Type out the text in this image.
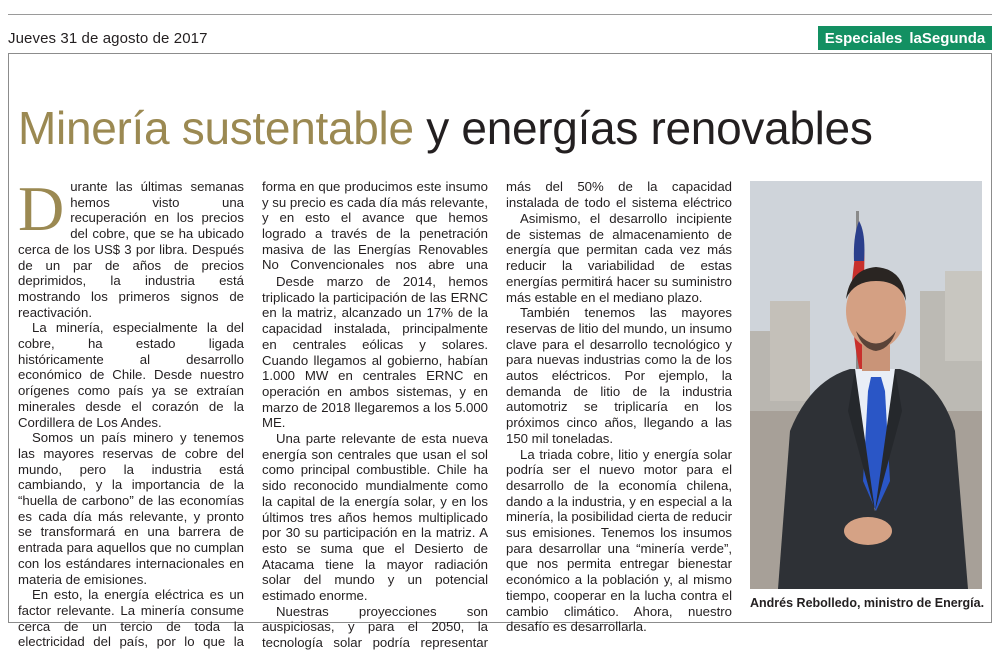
Jueves 31 de agosto de 2017	Especiales laSegunda
Minería sustentable y energías renovables

Durante las últimas semanas hemos visto una recuperación en los precios del cobre, que se ha ubicado cerca de los US$ 3 por libra. Después de un par de años de precios deprimidos, la industria está mostrando los primeros signos de reactivación.

La minería, especialmente la del cobre, ha estado ligada históricamente al desarrollo económico de Chile. Desde nuestro orígenes como país ya se extraían minerales desde el corazón de la Cordillera de Los Andes.

Somos un país minero y tenemos las mayores reservas de cobre del mundo, pero la industria está cambiando, y la importancia de la “huella de carbono” de las economías es cada día más relevante, y pronto se transformará en una barrera de entrada para aquellos que no cumplan con los estándares internacionales en materia de emisiones.

En esto, la energía eléctrica es un factor relevante. La minería consume cerca de un tercio de toda la electricidad del país, por lo que la

forma en que producimos este insumo y su precio es cada día más relevante, y en esto el avance que hemos logrado a través de la penetración masiva de las Energías Renovables No Convencionales nos abre una

Desde marzo de 2014, hemos triplicado la participación de las ERNC en la matriz, alcanzado un 17% de la capacidad instalada, principalmente en centrales eólicas y solares. Cuando llegamos al gobierno, habían 1.000 MW en centrales ERNC en operación en ambos sistemas, y en marzo de 2018 llegaremos a los 5.000 ME.

Una parte relevante de esta nueva energía son centrales que usan el sol como principal combustible. Chile ha sido reconocido mundialmente como la capital de la energía solar, y en los últimos tres años hemos multiplicado por 30 su participación en la matriz. A esto se suma que el Desierto de Atacama tiene la mayor radiación solar del mundo y un potencial estimado enorme.

Nuestras proyecciones son auspiciosas, y para el 2050, la tecnología solar podría representar

más del 50% de la capacidad instalada de todo el sistema eléctrico

Asimismo, el desarrollo incipiente de sistemas de almacenamiento de energía que permitan cada vez más reducir la variabilidad de estas energías permitirá hacer su suministro más estable en el mediano plazo.

También tenemos las mayores reservas de litio del mundo, un insumo clave para el desarrollo tecnológico y para nuevas industrias como la de los autos eléctricos. Por ejemplo, la demanda de litio de la industria automotriz se triplicaría en los próximos cinco años, llegando a las 150 mil toneladas.

La triada cobre, litio y energía solar podría ser el nuevo motor para el desarrollo de la economía chilena, dando a la industria, y en especial a la minería, la posibilidad cierta de reducir sus emisiones. Tenemos los insumos para desarrollar una “minería verde”, que nos permita entregar bienestar económico a la población y, al mismo tiempo, cooperar en la lucha contra el cambio climático. Ahora, nuestro desafío es desarrollarla.

Andrés Rebolledo, ministro de Energía.
